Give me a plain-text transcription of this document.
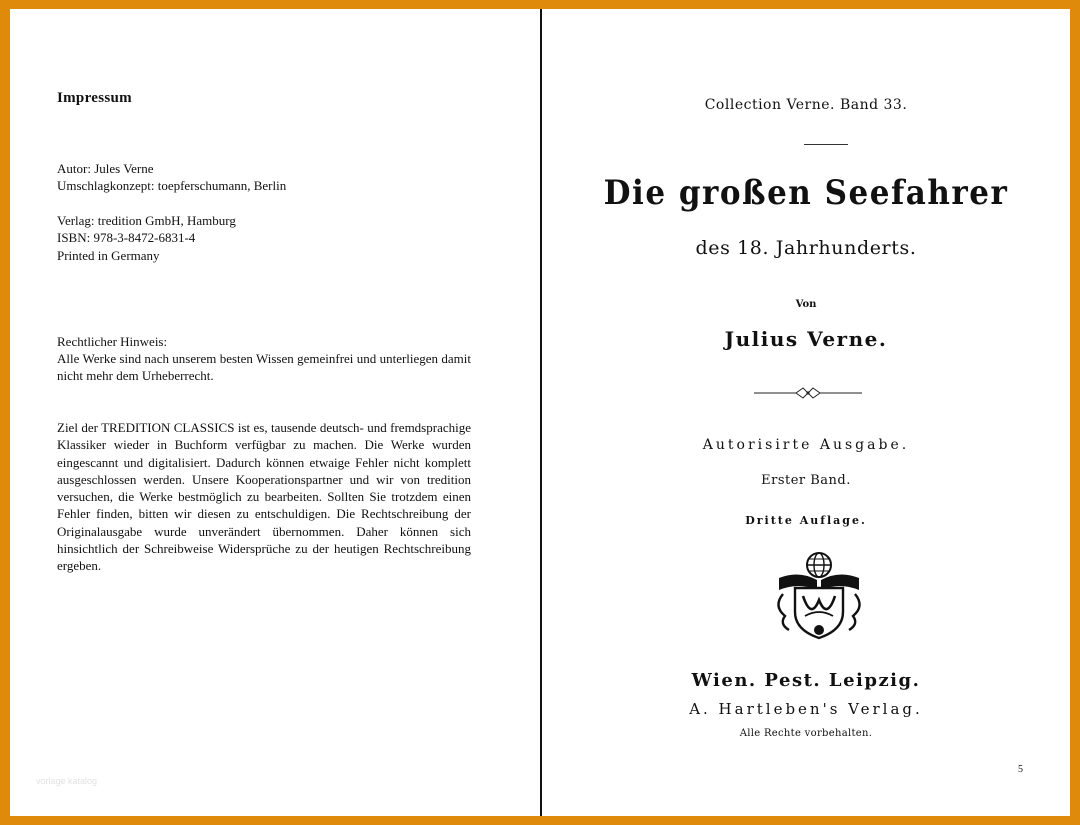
Impressum
Autor: Jules Verne
Umschlagkonzept: toepferschumann, Berlin
Verlag: tredition GmbH, Hamburg
ISBN: 978-3-8472-6831-4
Printed in Germany
Rechtlicher Hinweis:
Alle Werke sind nach unserem besten Wissen gemeinfrei und unterliegen damit nicht mehr dem Urheberrecht.
Ziel der TREDITION CLASSICS ist es, tausende deutsch- und fremdsprachige Klassiker wieder in Buchform verfügbar zu machen. Die Werke wurden eingescannt und digitalisiert. Dadurch können etwaige Fehler nicht komplett ausgeschlossen werden. Unsere Kooperationspartner und wir von tredition versuchen, die Werke bestmöglich zu bearbeiten. Sollten Sie trotzdem einen Fehler finden, bitten wir diesen zu entschuldigen. Die Rechtschreibung der Originalausgabe wurde unverändert übernommen. Daher können sich hinsichtlich der Schreibweise Widersprüche zu der heutigen Rechtschreibung ergeben.
vorlage katalog
Collection Verne. Band 33.
Die großen Seefahrer
des 18. Jahrhunderts.
Von
Julius Verne.
Autorisirte Ausgabe.
Erster Band.
Dritte Auflage.
Wien. Pest. Leipzig.
A. Hartleben's Verlag.
Alle Rechte vorbehalten.
5
